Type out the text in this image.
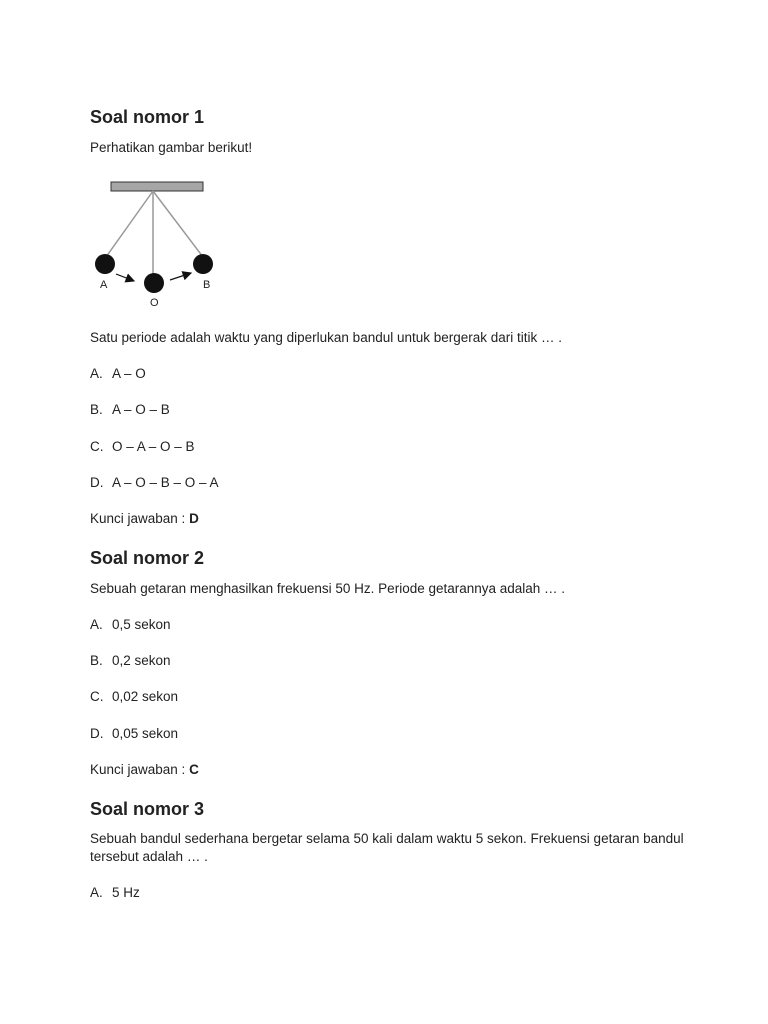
Soal nomor 1
Perhatikan gambar berikut!
A
O
B
Satu periode adalah waktu yang diperlukan bandul untuk bergerak dari titik … .
A. A – O
B. A – O – B
C. O – A – O – B
D. A – O – B – O – A
Kunci jawaban : D
Soal nomor 2
Sebuah getaran menghasilkan frekuensi 50 Hz. Periode getarannya adalah … .
A. 0,5 sekon
B. 0,2 sekon
C. 0,02 sekon
D. 0,05 sekon
Kunci jawaban : C
Soal nomor 3
Sebuah bandul sederhana bergetar selama 50 kali dalam waktu 5 sekon. Frekuensi getaran bandul tersebut adalah … .
A. 5 Hz
